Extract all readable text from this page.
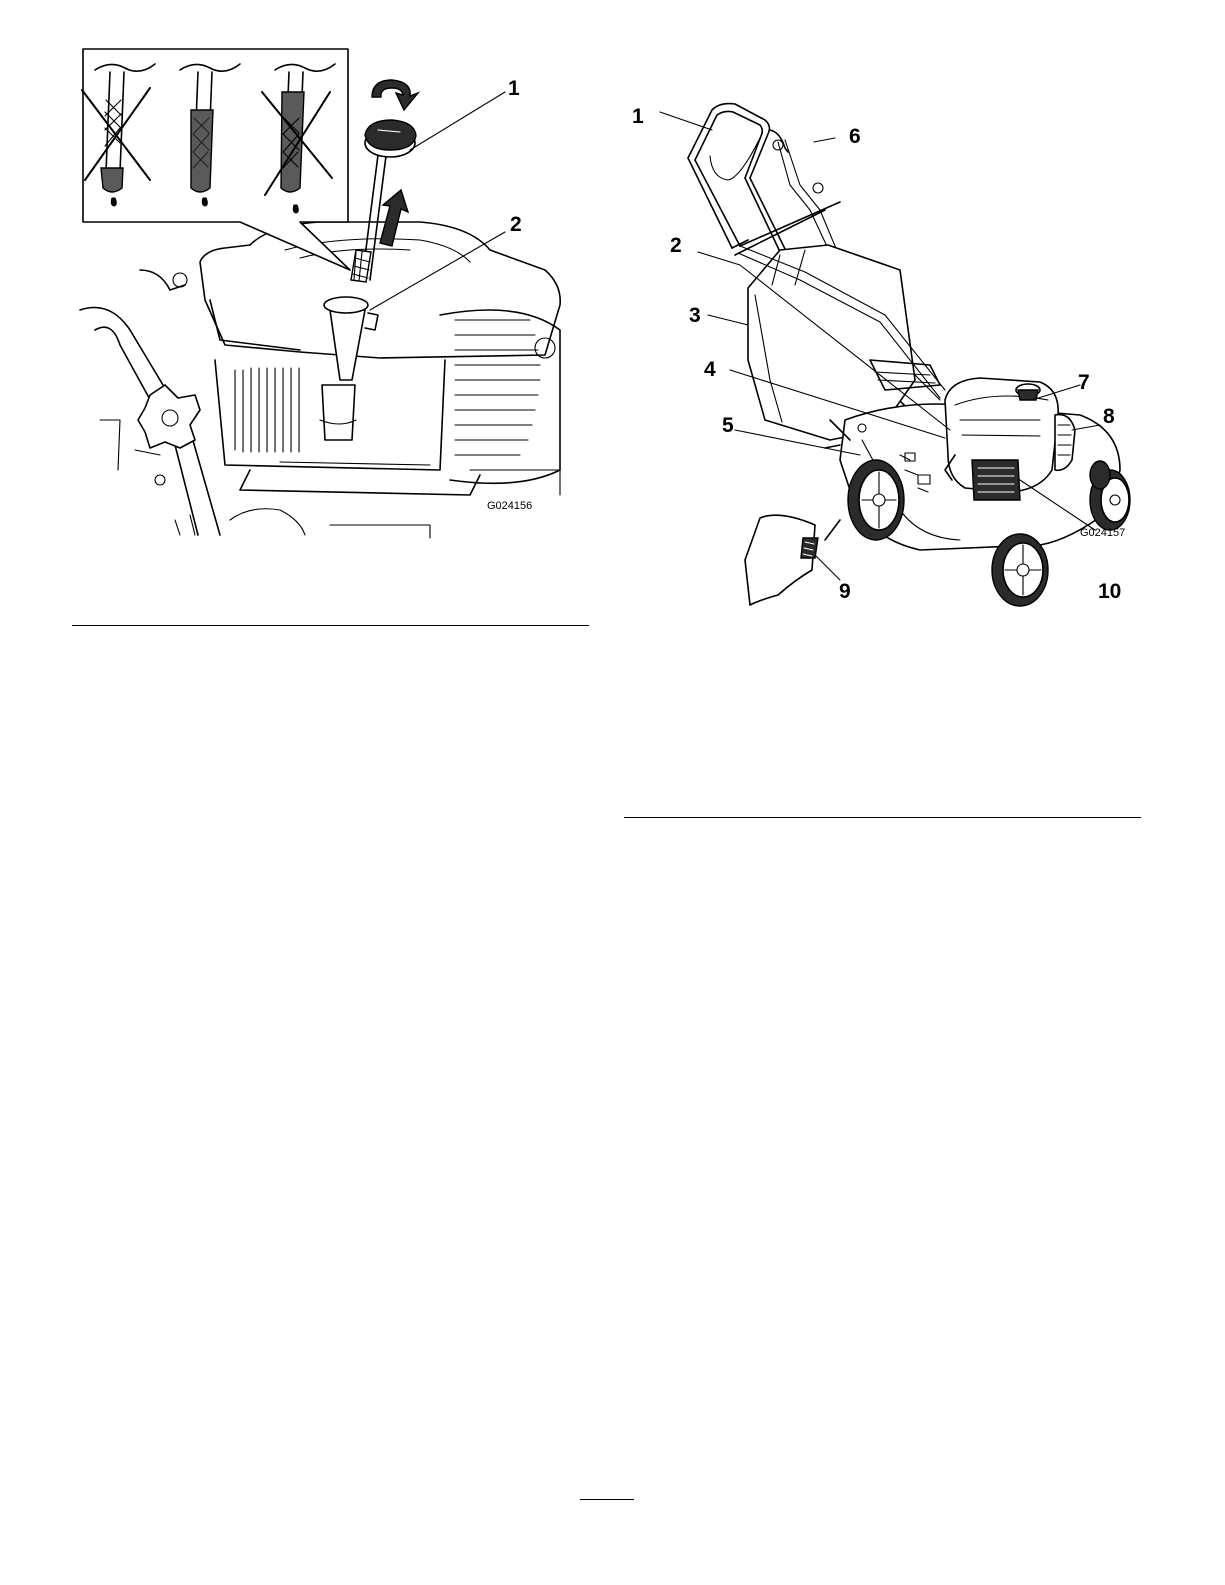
1
2
G024156
1
2
3
4
5
6
7
8
9	10
G024157
